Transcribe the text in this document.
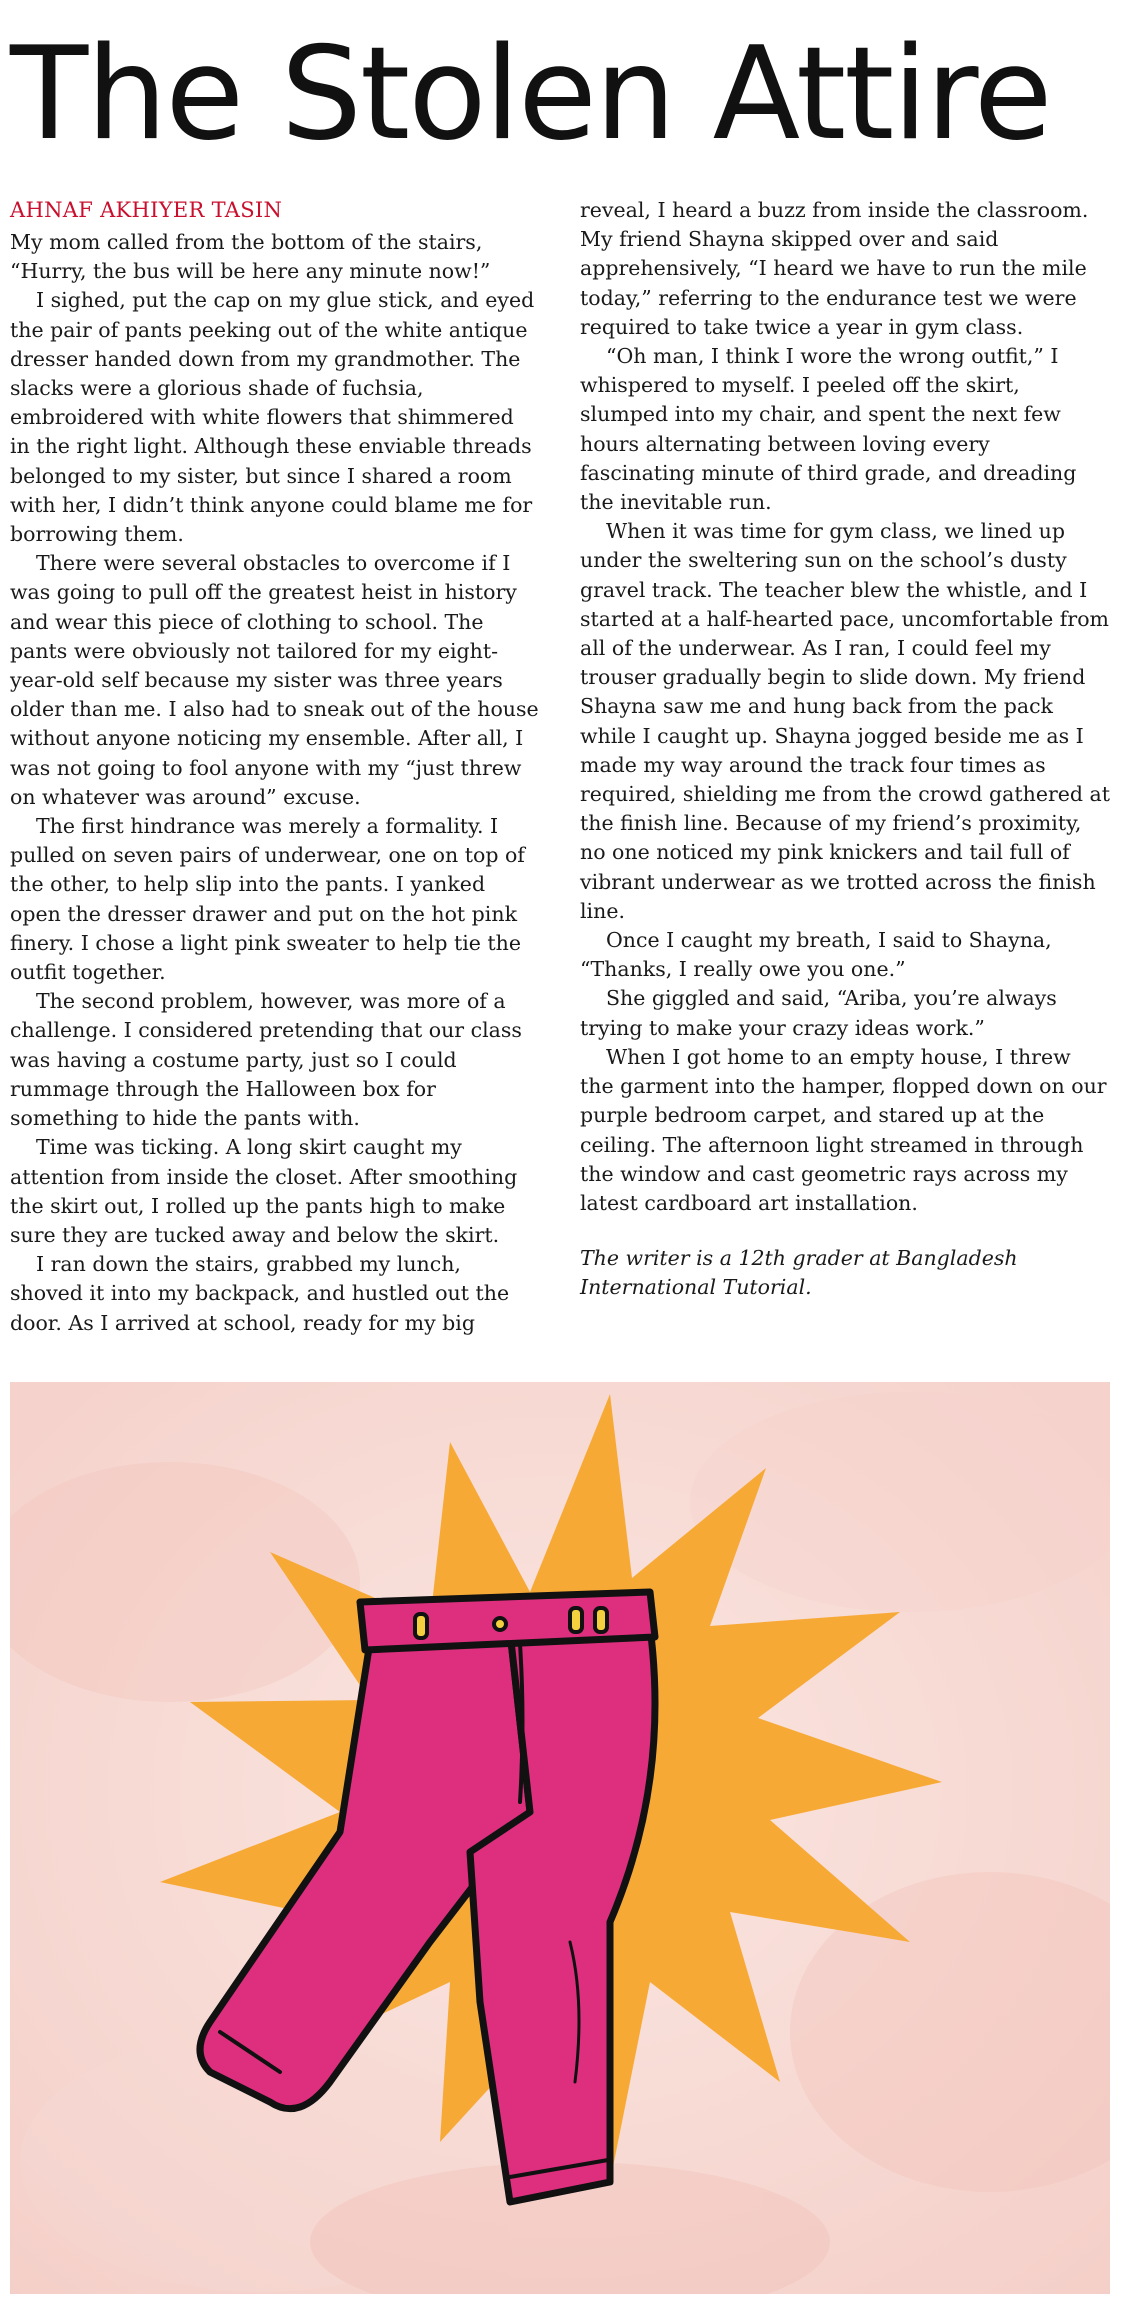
The Stolen Attire
AHNAF AKHIYER TASIN

My mom called from the bottom of the stairs, “Hurry, the bus will be here any minute now!”

I sighed, put the cap on my glue stick, and eyed the pair of pants peeking out of the white antique dresser handed down from my grandmother. The slacks were a glorious shade of fuchsia, embroidered with white flowers that shimmered in the right light. Although these enviable threads belonged to my sister, but since I shared a room with her, I didn’t think anyone could blame me for borrowing them.

There were several obstacles to overcome if I was going to pull off the greatest heist in history and wear this piece of clothing to school. The pants were obviously not tailored for my eight-year-old self because my sister was three years older than me. I also had to sneak out of the house without anyone noticing my ensemble. After all, I was not going to fool anyone with my “just threw on whatever was around” excuse.

The first hindrance was merely a formality. I pulled on seven pairs of underwear, one on top of the other, to help slip into the pants. I yanked open the dresser drawer and put on the hot pink finery. I chose a light pink sweater to help tie the outfit together.

The second problem, however, was more of a challenge. I considered pretending that our class was having a costume party, just so I could rummage through the Halloween box for something to hide the pants with.

Time was ticking. A long skirt caught my attention from inside the closet. After smoothing the skirt out, I rolled up the pants high to make sure they are tucked away and below the skirt.

I ran down the stairs, grabbed my lunch, shoved it into my backpack, and hustled out the door. As I arrived at school, ready for my big

reveal, I heard a buzz from inside the classroom. My friend Shayna skipped over and said apprehensively, “I heard we have to run the mile today,” referring to the endurance test we were required to take twice a year in gym class.

“Oh man, I think I wore the wrong outfit,” I whispered to myself. I peeled off the skirt, slumped into my chair, and spent the next few hours alternating between loving every fascinating minute of third grade, and dreading the inevitable run.

When it was time for gym class, we lined up under the sweltering sun on the school’s dusty gravel track. The teacher blew the whistle, and I started at a half-hearted pace, uncomfortable from all of the underwear. As I ran, I could feel my trouser gradually begin to slide down. My friend Shayna saw me and hung back from the pack while I caught up. Shayna jogged beside me as I made my way around the track four times as required, shielding me from the crowd gathered at the finish line. Because of my friend’s proximity, no one noticed my pink knickers and tail full of vibrant underwear as we trotted across the finish line.

Once I caught my breath, I said to Shayna, “Thanks, I really owe you one.”

She giggled and said, “Ariba, you’re always trying to make your crazy ideas work.”

When I got home to an empty house, I threw the garment into the hamper, flopped down on our purple bedroom carpet, and stared up at the ceiling. The afternoon light streamed in through the window and cast geometric rays across my latest cardboard art installation.

The writer is a 12th grader at Bangladesh International Tutorial.
